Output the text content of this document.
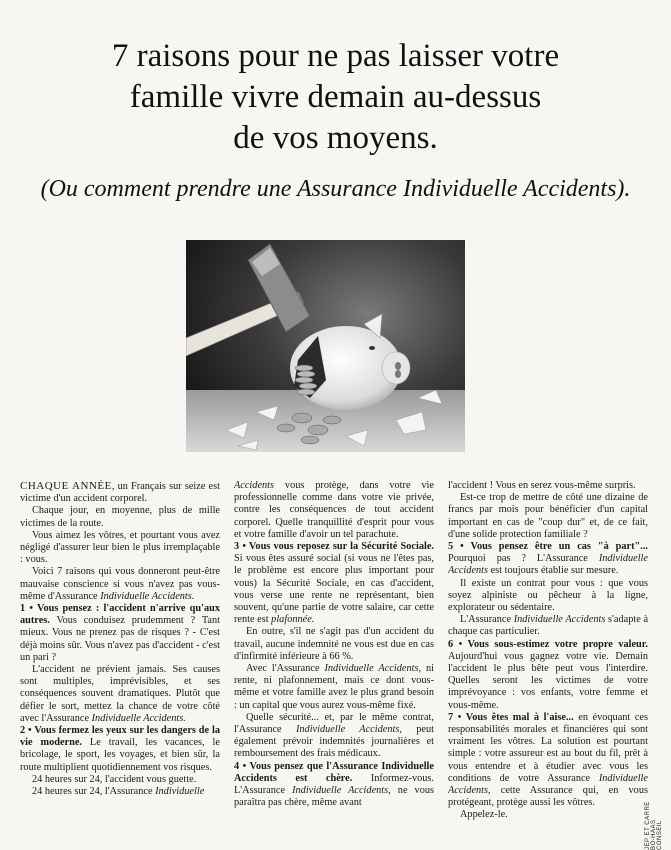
7 raisons pour ne pas laisser votre
famille vivre demain au-dessus
de vos moyens.

(Ou comment prendre une Assurance Individuelle Accidents).

CHAQUE ANNÉE, un Français sur seize est victime d'un accident corporel.

Chaque jour, en moyenne, plus de mille victimes de la route.

Vous aimez les vôtres, et pourtant vous avez négligé d'assurer leur bien le plus irremplaçable : vous.

Voici 7 raisons qui vous donneront peut-être mauvaise conscience si vous n'avez pas vous-même d'Assurance Individuelle Accidents.

1 • Vous pensez : l'accident n'arrive qu'aux autres. Vous conduisez prudemment ? Tant mieux. Vous ne prenez pas de risques ? - C'est déjà moins sûr. Vous n'avez pas d'accident - c'est un pari ?

L'accident ne prévient jamais. Ses causes sont multiples, imprévisibles, et ses conséquences souvent dramatiques. Plutôt que défier le sort, mettez la chance de votre côté avec l'Assurance Individuelle Accidents.

2 • Vous fermez les yeux sur les dangers de la vie moderne. Le travail, les vacances, le bricolage, le sport, les voyages, et bien sûr, la route multiplient quotidiennement vos risques.

24 heures sur 24, l'accident vous guette.

24 heures sur 24, l'Assurance Individuelle

Accidents vous protège, dans votre vie professionnelle comme dans votre vie privée, contre les conséquences de tout accident corporel. Quelle tranquillité d'esprit pour vous et votre famille d'avoir un tel parachute.

3 • Vous vous reposez sur la Sécurité Sociale. Si vous êtes assuré social (si vous ne l'êtes pas, le problème est encore plus important pour vous) la Sécurité Sociale, en cas d'accident, vous verse une rente ne représentant, bien souvent, qu'une partie de votre salaire, car cette rente est plafonnée.

En outre, s'il ne s'agit pas d'un accident du travail, aucune indemnité ne vous est due en cas d'infirmité inférieure à 66 %.

Avec l'Assurance Individuelle Accidents, ni rente, ni plafonnement, mais ce dont vous-même et votre famille avez le plus grand besoin : un capital que vous aurez vous-même fixé.

Quelle sécurité... et, par le même contrat, l'Assurance Individuelle Accidents, peut également prévoir indemnités journalières et remboursement des frais médicaux.

4 • Vous pensez que l'Assurance Individuelle Accidents est chère. Informez-vous. L'Assurance Individuelle Accidents, ne vous paraîtra pas chère, même avant

l'accident ! Vous en serez vous-même surpris.

Est-ce trop de mettre de côté une dizaine de francs par mois pour bénéficier d'un capital important en cas de "coup dur" et, de ce fait, d'une solide protection familiale ?

5 • Vous pensez être un cas "à part"... Pourquoi pas ? L'Assurance Individuelle Accidents est toujours établie sur mesure.

Il existe un contrat pour vous : que vous soyez alpiniste ou pêcheur à la ligne, explorateur ou sédentaire.

L'Assurance Individuelle Accidents s'adapte à chaque cas particulier.

6 • Vous sous-estimez votre propre valeur. Aujourd'hui vous gagnez votre vie. Demain l'accident le plus bête peut vous l'interdire. Quelles seront les victimes de votre imprévoyance : vos enfants, votre femme et vous-même.

7 • Vous êtes mal à l'aise... en évoquant ces responsabilités morales et financières qui sont vraiment les vôtres. La solution est pourtant simple : votre assureur est au bout du fil, prêt à vous entendre et à étudier avec vous les conditions de votre Assurance Individuelle Accidents, cette Assurance qui, en vous protégeant, protège aussi les vôtres.

Appelez-le.	JEP ET CARRÉ BO-HAAS CONSEIL
